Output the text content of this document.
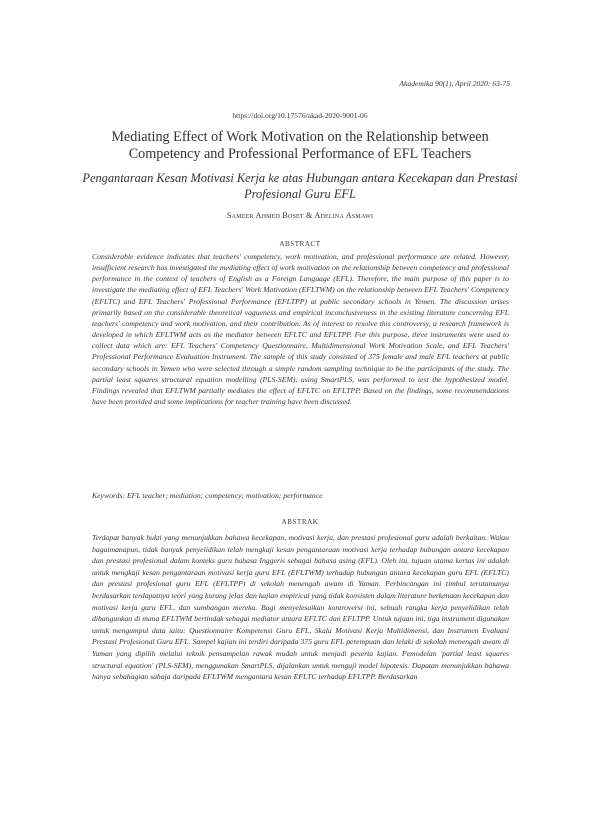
Akademika 90(1), April 2020: 63-75
https://doi.org/10.17576/akad-2020-9001-06
Mediating Effect of Work Motivation on the Relationship between Competency and Professional Performance of EFL Teachers
Pengantaraan Kesan Motivasi Kerja ke atas Hubungan antara Kecekapan dan Prestasi Profesional Guru EFL
Sameer Ahmed Boset & Adelina Asmawi
ABSTRACT
Considerable evidence indicates that teachers' competency, work motivation, and professional performance are related. However, insufficient research has investigated the mediating effect of work motivation on the relationship between competency and professional performance in the context of teachers of English as a Foreign Language (EFL). Therefore, the main purpose of this paper is to investigate the mediating effect of EFL Teachers' Work Motivation (EFLTWM) on the relationship between EFL Teachers' Competency (EFLTC) and EFL Teachers' Professional Performance (EFLTPP) at public secondary schools in Yemen. The discussion arises primarily based on the considerable theoretical vagueness and empirical inconclusiveness in the existing literature concerning EFL teachers' competency and work motivation, and their contribution. As of interest to resolve this controversy, a research framework is developed in which EFLTWM acts as the mediator between EFLTC and EFLTPP. For this purpose, three instruments were used to collect data which are: EFL Teachers' Competency Questionnaire, Multidimensional Work Motivation Scale, and EFL Teachers' Professional Performance Evaluation Instrument. The sample of this study consisted of 375 female and male EFL teachers at public secondary schools in Yemen who were selected through a simple random sampling technique to be the participants of the study. The partial least squares structural equation modelling (PLS-SEM), using SmartPLS, was performed to test the hypothesized model. Findings revealed that EFLTWM partially mediates the effect of EFLTC on EFLTPP. Based on the findings, some recommendations have been provided and some implications for teacher training have been discussed.
Keywords: EFL teacher; mediation; competency; motivation; performance
ABSTRAK
Terdapat banyak bukti yang menunjukkan bahawa kecekapan, motivasi kerja, dan prestasi profesional guru adalah berkaitan. Walau bagaimanapun, tidak banyak penyelidikan telah mengkaji kesan pengantaraan motivasi kerja terhadap hubungan antara kecekapan dan prestasi profesional dalam konteks guru bahasa Inggeris sebagai bahasa asing (EFL). Oleh itu, tujuan utama kertas ini adalah untuk mengkaji kesan pengantaraan motivasi kerja guru EFL (EFLTWM) terhadap hubungan antara kecekapan guru EFL (EFLTC) dan prestasi profesional guru EFL (EFLTPP) di sekolah menengah awam di Yaman. Perbincangan ini timbul terutamanya berdasarkan terdapatnya teori yang kurang jelas dan kajian empirical yang tidak konsisten dalam literature berkenaan kecekapan dan motivasi kerja guru EFL, dan sumbangan mereka. Bagi menyelesaikan kontroversi ini, sebuah rangka kerja penyelidikan telah dibangunkan di mana EFLTWM bertindak sebagai mediator antara EFLTC dan EFLTPP. Untuk tujuan ini, tiga instrument digunakan untuk mengumpul data iaitu: Questionnaire Kompetensi Guru EFL, Skala Motivasi Kerja Multidimensi, dan Instrumen Evaluasi Prestasi Profesional Guru EFL. Sampel kajian ini terdiri daripada 375 guru EFL perempuan dan lelaki di sekolah menengah awam di Yaman yang dipilih melalui teknik pensampelan rawak mudah untuk menjadi peserta kajian. Pemodelan 'partial least squares structural equation' (PLS-SEM), menggunakan SmartPLS, dijalankan untuk menguji model hipotesis. Dapatan menunjukkan bahawa hanya sebahagian sahaja daripada EFLTWM mengantara kesan EFLTC terhadap EFLTPP. Berdasarkan
